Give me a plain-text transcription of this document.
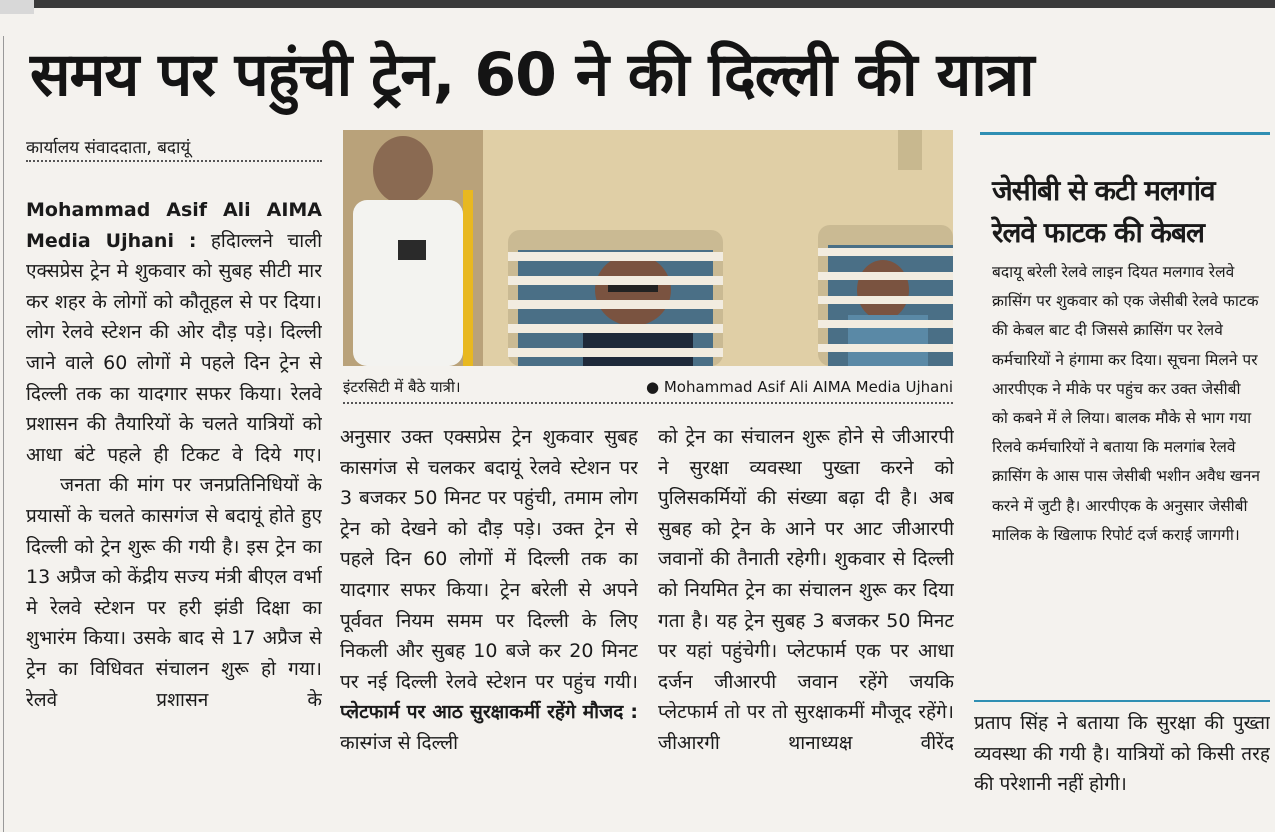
समय पर पहुंची ट्रेन, 60 ने की दिल्ली की यात्रा
कार्यालय संवाददाता, बदायूं

Mohammad Asif Ali AIMA Media Ujhani : हदिाल्लने चाली एक्सप्रेस ट्रेन मे शुकवार को सुबह सीटी मार कर शहर के लोगों को कौतूहल से पर दिया। लोग रेलवे स्टेशन की ओर दौड़ पड़े। दिल्ली जाने वाले 60 लोगों मे पहले दिन ट्रेन से दिल्ली तक का यादगार सफर किया। रेलवे प्रशासन की तैयारियों के चलते यात्रियों को आधा बंटे पहले ही टिकट वे दिये गए।

जनता की मांग पर जनप्रतिनिधियों के प्रयासों के चलते कासगंज से बदायूं होते हुए दिल्ली को ट्रेन शुरू की गयी है। इस ट्रेन का 13 अप्रैज को केंद्रीय सज्य मंत्री बीएल वर्भा मे रेलवे स्टेशन पर हरी झंडी दिक्षा का शुभारंम किया। उसके बाद से 17 अप्रैज से ट्रेन का विधिवत संचालन शुरू हो गया। रेलवे प्रशासन के

इंटरसिटी में बैठे यात्री।	● Mohammad Asif Ali AIMA Media Ujhani

अनुसार उक्त एक्सप्रेस ट्रेन शुकवार सुबह कासगंज से चलकर बदायूं रेलवे स्टेशन पर 3 बजकर 50 मिनट पर पहुंची, तमाम लोग ट्रेन को देखने को दौड़ पड़े। उक्त ट्रेन से पहले दिन 60 लोगों में दिल्ली तक का यादगार सफर किया। ट्रेन बरेली से अपने पूर्ववत नियम समम पर दिल्ली के लिए निकली और सुबह 10 बजे कर 20 मिनट पर नई दिल्ली रेलवे स्टेशन पर पहुंच गयी।

प्लेटफार्म पर आठ सुरक्षाकर्मी रहेंगे मौजद : कास्गंज से दिल्ली

को ट्रेन का संचालन शुरू होने से जीआरपी ने सुरक्षा व्यवस्था पुख्ता करने को पुलिसकर्मियों की संख्या बढ़ा दी है। अब सुबह को ट्रेन के आने पर आट जीआरपी जवानों की तैनाती रहेगी। शुकवार से दिल्ली को नियमित ट्रेन का संचालन शुरू कर दिया गता है। यह ट्रेन सुबह 3 बजकर 50 मिनट पर यहां पहुंचेगी। प्लेटफार्म एक पर आधा दर्जन जीआरपी जवान रहेंगे जयकि प्लेटफार्म तो पर तो सुरक्षाकमीं मौजूद रहेंगे। जीआरगी थानाध्यक्ष वीरेंद

जेसीबी से कटी मलगांव
रेलवे फाटक की केबल
बदायू बरेली रेलवे लाइन दियत मलगाव रेलवे क्रासिंग पर शुकवार को एक जेसीबी रेलवे फाटक की केबल बाट दी जिससे क्रासिंग पर रेलवे कर्मचारियों ने हंगामा कर दिया। सूचना मिलने पर आरपीएक ने मीके पर पहुंच कर उक्त जेसीबी को कबने में ले लिया। बालक मौके से भाग गया रिलवे कर्मचारियों ने बताया कि मलगांब रेलवे क्रासिंग के आस पास जेसीबी भशीन अवैध खनन करने में जुटी है। आरपीएक के अनुसार जेसीबी मालिक के खिलाफ रिपोर्ट दर्ज कराई जागगी।

प्रताप सिंह ने बताया कि सुरक्षा की पुख्ता व्यवस्था की गयी है। यात्रियों को किसी तरह की परेशानी नहीं होगी।
